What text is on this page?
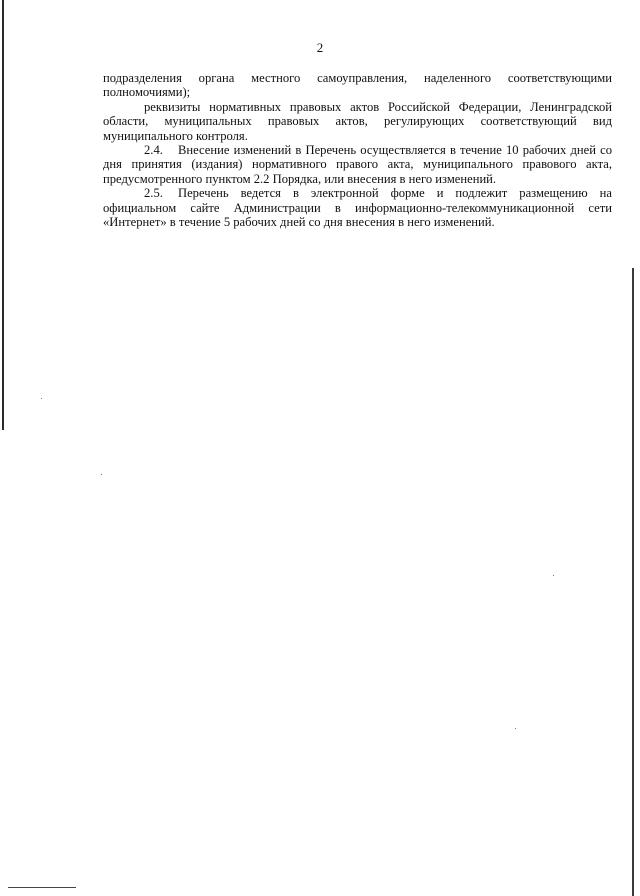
2

подразделения органа местного самоуправления, наделенного соответствующими полномочиями);

реквизиты нормативных правовых актов Российской Федерации, Ленинградской области, муниципальных правовых актов, регулирующих соответствующий вид муниципального контроля.

2.4. Внесение изменений в Перечень осуществляется в течение 10 рабочих дней со дня принятия (издания) нормативного правого акта, муниципального правового акта, предусмотренного пунктом 2.2 Порядка, или внесения в него изменений.

2.5. Перечень ведется в электронной форме и подлежит размещению на официальном сайте Администрации в информационно-телекоммуникационной сети «Интернет» в течение 5 рабочих дней со дня внесения в него изменений.
